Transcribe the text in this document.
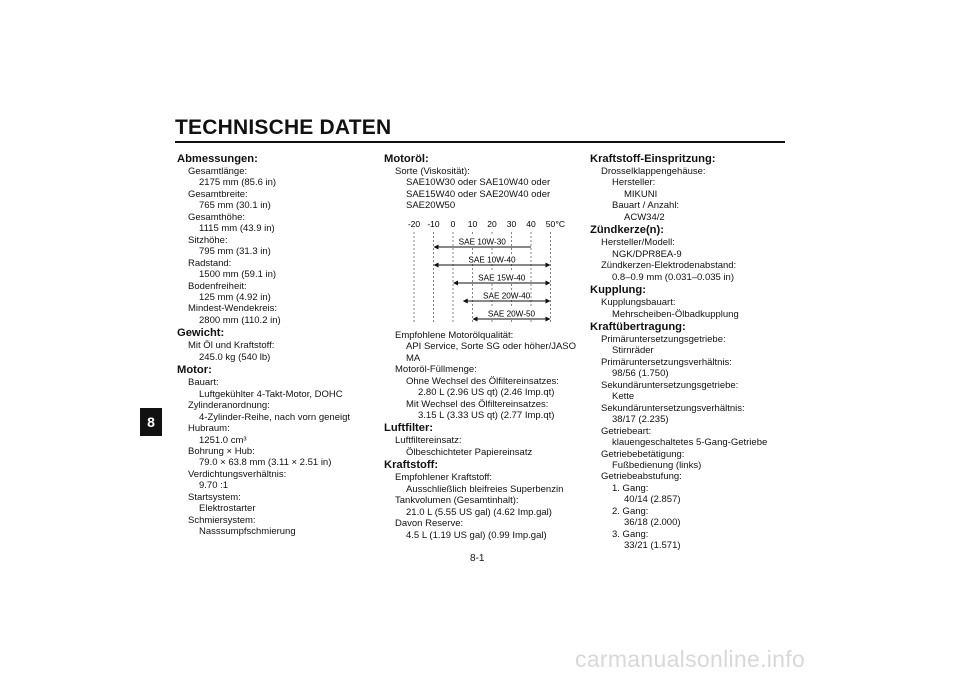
TECHNISCHE DATEN
8
Abmessungen:
Gesamtlänge:
2175 mm (85.6 in)
Gesamtbreite:
765 mm (30.1 in)
Gesamthöhe:
1115 mm (43.9 in)
Sitzhöhe:
795 mm (31.3 in)
Radstand:
1500 mm (59.1 in)
Bodenfreiheit:
125 mm (4.92 in)
Mindest-Wendekreis:
2800 mm (110.2 in)
Gewicht:
Mit Öl und Kraftstoff:
245.0 kg (540 lb)
Motor:
Bauart:
Luftgekühlter 4-Takt-Motor, DOHC
Zylinderanordnung:
4-Zylinder-Reihe, nach vorn geneigt
Hubraum:
1251.0 cm³
Bohrung × Hub:
79.0 × 63.8 mm (3.11 × 2.51 in)
Verdichtungsverhältnis:
9.70 :1
Startsystem:
Elektrostarter
Schmiersystem:
Nasssumpfschmierung
Motoröl:
Sorte (Viskosität):
SAE10W30 oder SAE10W40 oder
SAE15W40 oder SAE20W40 oder
SAE20W50
-20 -10 0 10 20 30 40 50 °C
SAE 10W-30
SAE 10W-40
SAE 15W-40
SAE 20W-40
SAE 20W-50
Empfohlene Motorölqualität:
API Service, Sorte SG oder höher/JASO
MA
Motoröl-Füllmenge:
Ohne Wechsel des Ölfiltereinsatzes:
2.80 L (2.96 US qt) (2.46 Imp.qt)
Mit Wechsel des Ölfiltereinsatzes:
3.15 L (3.33 US qt) (2.77 Imp.qt)
Luftfilter:
Luftfiltereinsatz:
Ölbeschichteter Papiereinsatz
Kraftstoff:
Empfohlener Kraftstoff:
Ausschließlich bleifreies Superbenzin
Tankvolumen (Gesamtinhalt):
21.0 L (5.55 US gal) (4.62 Imp.gal)
Davon Reserve:
4.5 L (1.19 US gal) (0.99 Imp.gal)
Kraftstoff-Einspritzung:
Drosselklappengehäuse:
Hersteller:
MIKUNI
Bauart / Anzahl:
ACW34/2
Zündkerze(n):
Hersteller/Modell:
NGK/DPR8EA-9
Zündkerzen-Elektrodenabstand:
0.8–0.9 mm (0.031–0.035 in)
Kupplung:
Kupplungsbauart:
Mehrscheiben-Ölbadkupplung
Kraftübertragung:
Primäruntersetzungsgetriebe:
Stirnräder
Primäruntersetzungsverhältnis:
98/56 (1.750)
Sekundäruntersetzungsgetriebe:
Kette
Sekundäruntersetzungsverhältnis:
38/17 (2.235)
Getriebeart:
klauengeschaltetes 5-Gang-Getriebe
Getriebebetätigung:
Fußbedienung (links)
Getriebeabstufung:
1. Gang:
40/14 (2.857)
2. Gang:
36/18 (2.000)
3. Gang:
33/21 (1.571)
8-1
carmanualsonline.info
